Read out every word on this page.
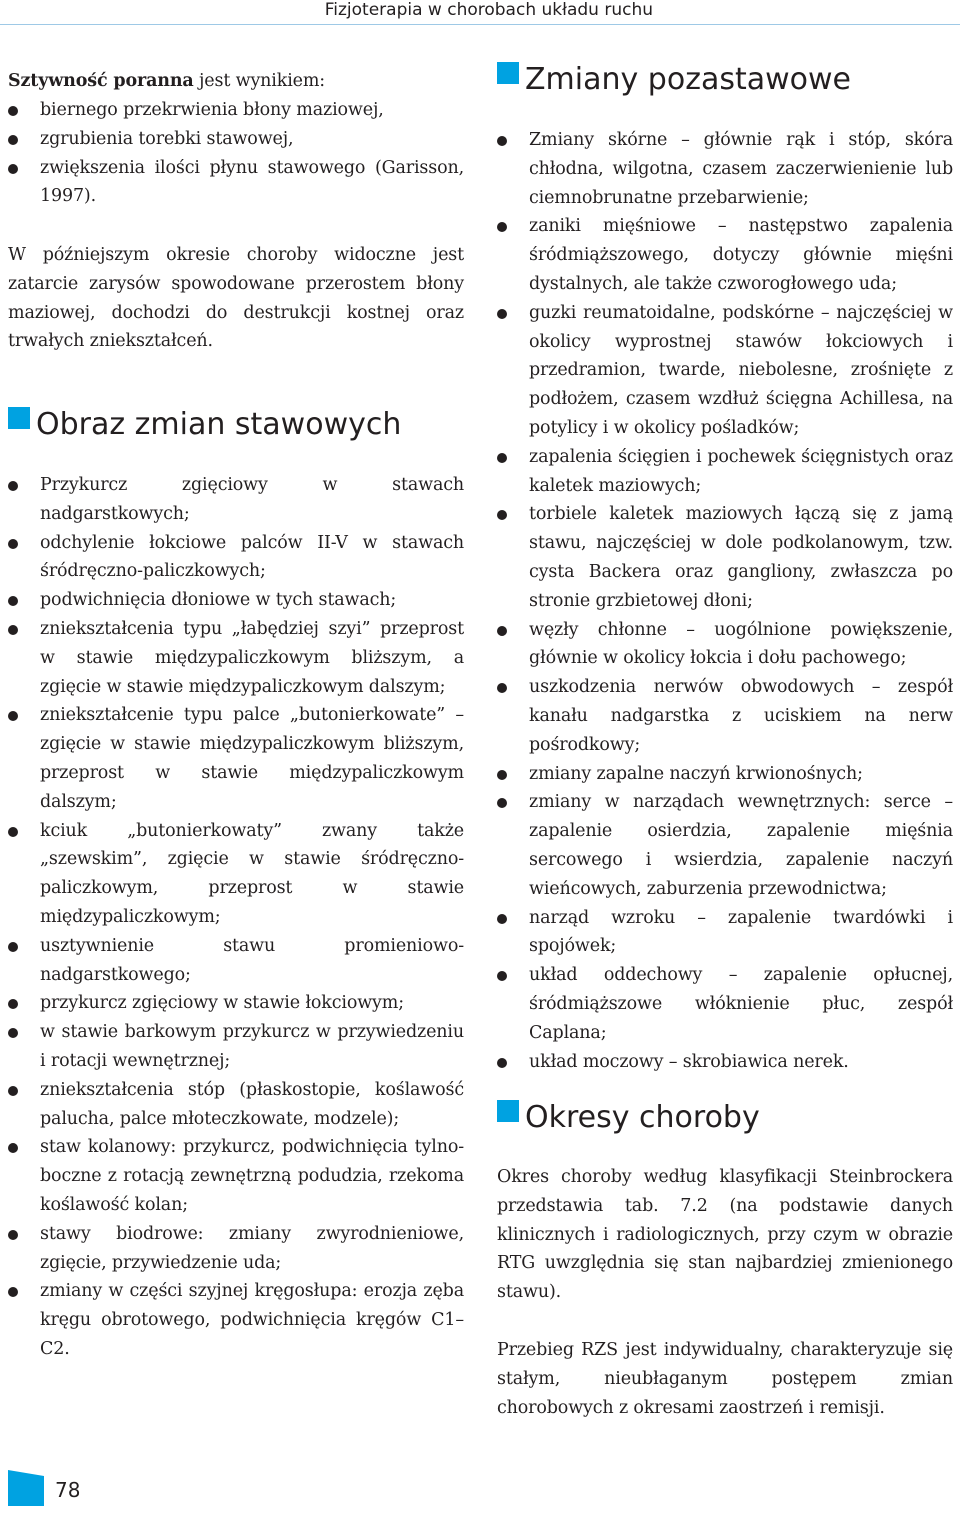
Fizjoterapia w chorobach układu ruchu

Sztywność poranna jest wynikiem:

biernego przekrwienia błony maziowej,
zgrubienia torebki stawowej,
zwiększenia ilości płynu stawowego (Garisson, 1997).

W późniejszym okresie choroby widoczne jest zatarcie zarysów spowodowane przerostem błony maziowej, dochodzi do destrukcji kostnej oraz trwałych zniekształceń.

Obraz zmian stawowych
Przykurcz zgięciowy w stawach nadgarstkowych;
odchylenie łokciowe palców II-V w stawach śródręczno-paliczkowych;
podwichnięcia dłoniowe w tych stawach;
zniekształcenia typu „łabędziej szyi” przeprost w stawie międzypaliczkowym bliższym, a zgięcie w stawie międzypaliczkowym dalszym;
zniekształcenie typu palce „butonierkowate” – zgięcie w stawie międzypaliczkowym bliższym, przeprost w stawie międzypaliczkowym dalszym;
kciuk „butonierkowaty” zwany także „szewskim”, zgięcie w stawie śródręczno-paliczkowym, przeprost w stawie międzypaliczkowym;
usztywnienie stawu promieniowo-nadgarstkowego;
przykurcz zgięciowy w stawie łokciowym;
w stawie barkowym przykurcz w przywiedzeniu i rotacji wewnętrznej;
zniekształcenia stóp (płaskostopie, koślawość palucha, palce młoteczkowate, modzele);
staw kolanowy: przykurcz, podwichnięcia tylno-boczne z rotacją zewnętrzną podudzia, rzekoma koślawość kolan;
stawy biodrowe: zmiany zwyrodnieniowe, zgięcie, przywiedzenie uda;
zmiany w części szyjnej kręgosłupa: erozja zęba kręgu obrotowego, podwichnięcia kręgów C1–C2.
Zmiany pozastawowe
Zmiany skórne – głównie rąk i stóp, skóra chłodna, wilgotna, czasem zaczerwienienie lub ciemnobrunatne przebarwienie;
zaniki mięśniowe – następstwo zapalenia śródmiąższowego, dotyczy głównie mięśni dystalnych, ale także czworogłowego uda;
guzki reumatoidalne, podskórne – najczęściej w okolicy wyprostnej stawów łokciowych i przedramion, twarde, niebolesne, zrośnięte z podłożem, czasem wzdłuż ścięgna Achillesa, na potylicy i w okolicy pośladków;
zapalenia ścięgien i pochewek ścięgnistych oraz kaletek maziowych;
torbiele kaletek maziowych łączą się z jamą stawu, najczęściej w dole podkolanowym, tzw. cysta Backera oraz gangliony, zwłaszcza po stronie grzbietowej dłoni;
węzły chłonne – uogólnione powiększenie, głównie w okolicy łokcia i dołu pachowego;
uszkodzenia nerwów obwodowych – zespół kanału nadgarstka z uciskiem na nerw pośrodkowy;
zmiany zapalne naczyń krwionośnych;
zmiany w narządach wewnętrznych: serce – zapalenie osierdzia, zapalenie mięśnia sercowego i wsierdzia, zapalenie naczyń wieńcowych, zaburzenia przewodnictwa;
narząd wzroku – zapalenie twardówki i spojówek;
układ oddechowy – zapalenie opłucnej, śródmiąższowe włóknienie płuc, zespół Caplana;
układ moczowy – skrobiawica nerek.
Okresy choroby

Okres choroby według klasyfikacji Steinbrockera przedstawia tab. 7.2 (na podstawie danych klinicznych i radiologicznych, przy czym w obrazie RTG uwzględnia się stan najbardziej zmienionego stawu).

Przebieg RZS jest indywidualny, charakteryzuje się stałym, nieubłaganym postępem zmian chorobowych z okresami zaostrzeń i remisji.

78
